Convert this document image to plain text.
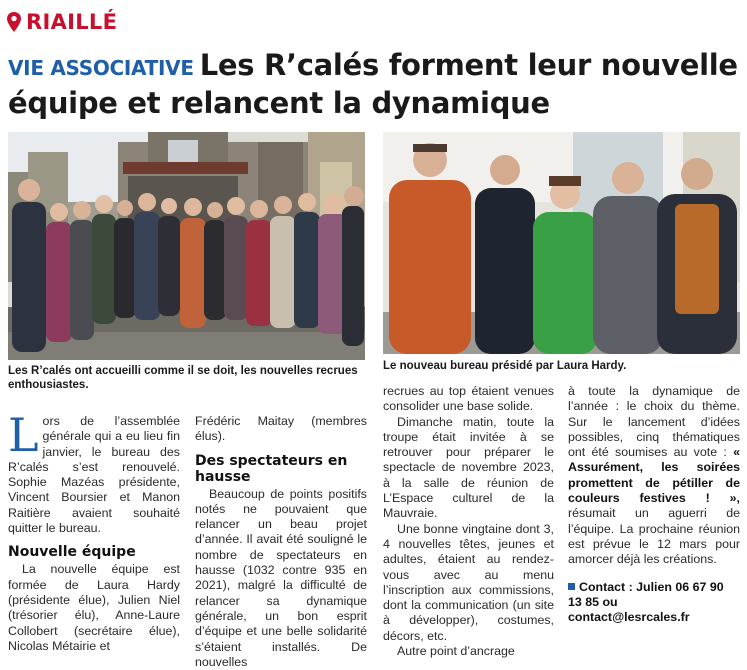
RIAILLÉ
VIE ASSOCIATIVE Les R’calés forment leur nouvelle équipe et relancent la dynamique
Les R’calés ont accueilli comme il se doit, les nouvelles recrues enthousiastes.
Le nouveau bureau présidé par Laura Hardy.

Lors de l’assemblée générale qui a eu lieu fin janvier, le bureau des R’calés s’est renouvelé. Sophie Mazéas présidente, Vincent Boursier et Manon Raitière avaient souhaité quitter le bureau.

Nouvelle équipe

La nouvelle équipe est formée de Laura Hardy (présidente élue), Julien Niel (trésorier élu), Anne-Laure Collobert (secrétaire élue), Nicolas Métairie et

Frédéric Maitay (membres élus).

Des spectateurs en hausse

Beaucoup de points positifs notés ne pouvaient que relancer un beau projet d’année. Il avait été souligné le nombre de spectateurs en hausse (1032 contre 935 en 2021), malgré la difficulté de relancer sa dynamique générale, un bon esprit d’équipe et une belle solidarité s’étaient installés. De nouvelles

recrues au top étaient venues consolider une base solide.

Dimanche matin, toute la troupe était invitée à se retrouver pour préparer le spectacle de novembre 2023, à la salle de réunion de L’Espace culturel de la Mauvraie.

Une bonne vingtaine dont 3, 4 nouvelles têtes, jeunes et adultes, étaient au rendez-vous avec au menu l’inscription aux commissions, dont la communication (un site à développer), costumes, décors, etc.

Autre point d’ancrage

à toute la dynamique de l’année : le choix du thème. Sur le lancement d’idées possibles, cinq thématiques ont été soumises au vote : « Assurément, les soirées promettent de pétiller de couleurs festives ! », résumait un aguerri de l’équipe. La prochaine réunion est prévue le 12 mars pour amorcer déjà les créations.

Contact : Julien 06 67 90 13 85 ou contact@lesrcales.fr
